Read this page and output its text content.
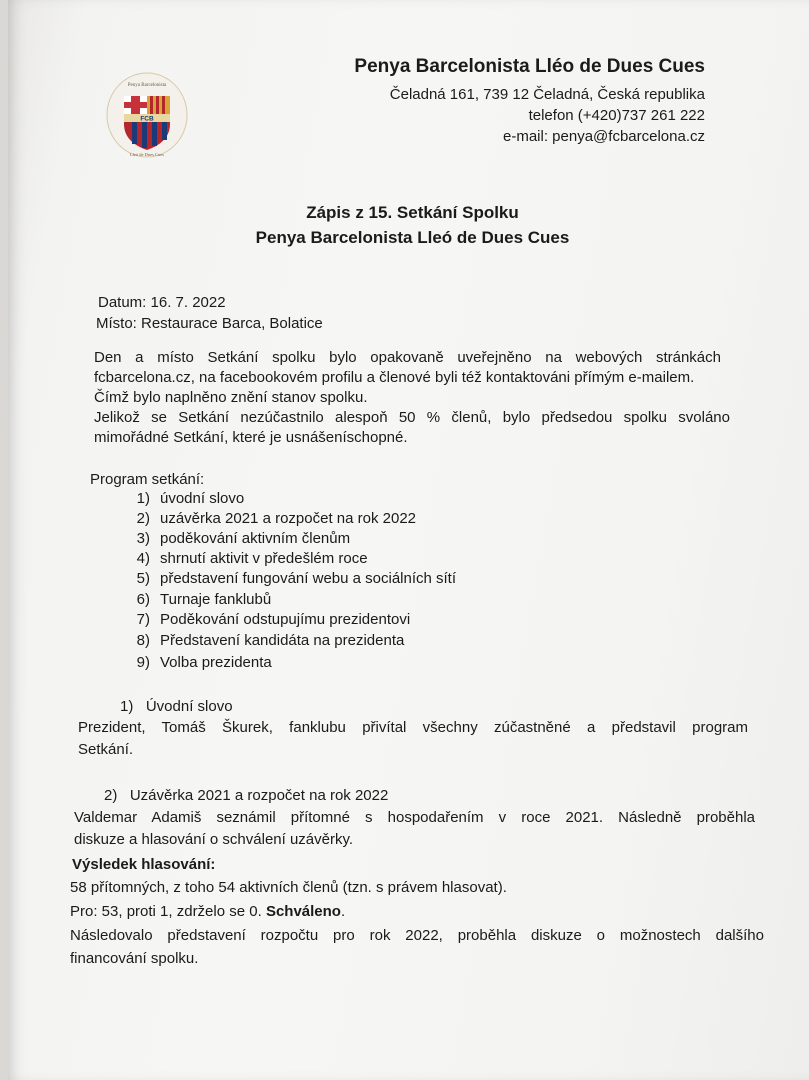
FCB
Penya Barcelonista
Lleó de Dues Cues
Penya Barcelonista Lléo de Dues Cues
Čeladná 161, 739 12 Čeladná, Česká republika
telefon (+420)737 261 222
e-mail: penya@fcbarcelona.cz
Zápis z 15. Setkání Spolku
Penya Barcelonista Lleó de Dues Cues
Datum: 16. 7. 2022
Místo: Restaurace Barca, Bolatice
Den a místo Setkání spolku bylo opakovaně uveřejněno na webových stránkách
fcbarcelona.cz, na facebookovém profilu a členové byli též kontaktováni přímým e-mailem.
Čímž bylo naplněno znění stanov spolku.
Jelikož se Setkání nezúčastnilo alespoň 50 % členů, bylo předsedou spolku svoláno
mimořádné Setkání, které je usnášeníschopné.
Program setkání:
1) úvodní slovo
2) uzávěrka 2021 a rozpočet na rok 2022
3) poděkování aktivním členům
4) shrnutí aktivit v předešlém roce
5) představení fungování webu a sociálních sítí
6) Turnaje fanklubů
7) Poděkování odstupujímu prezidentovi
8) Představení kandidáta na prezidenta
9) Volba prezidenta
1)   Úvodní slovo
Prezident, Tomáš Škurek, fanklubu přivítal všechny zúčastněné a představil program
Setkání.
2)   Uzávěrka 2021 a rozpočet na rok 2022
Valdemar Adamiš seznámil přítomné s hospodařením v roce 2021. Následně proběhla
diskuze a hlasování o schválení uzávěrky.
Výsledek hlasování:
58 přítomných, z toho 54 aktivních členů (tzn. s právem hlasovat).
Pro: 53, proti 1, zdrželo se 0. Schváleno.
Následovalo představení rozpočtu pro rok 2022, proběhla diskuze o možnostech dalšího
financování spolku.
